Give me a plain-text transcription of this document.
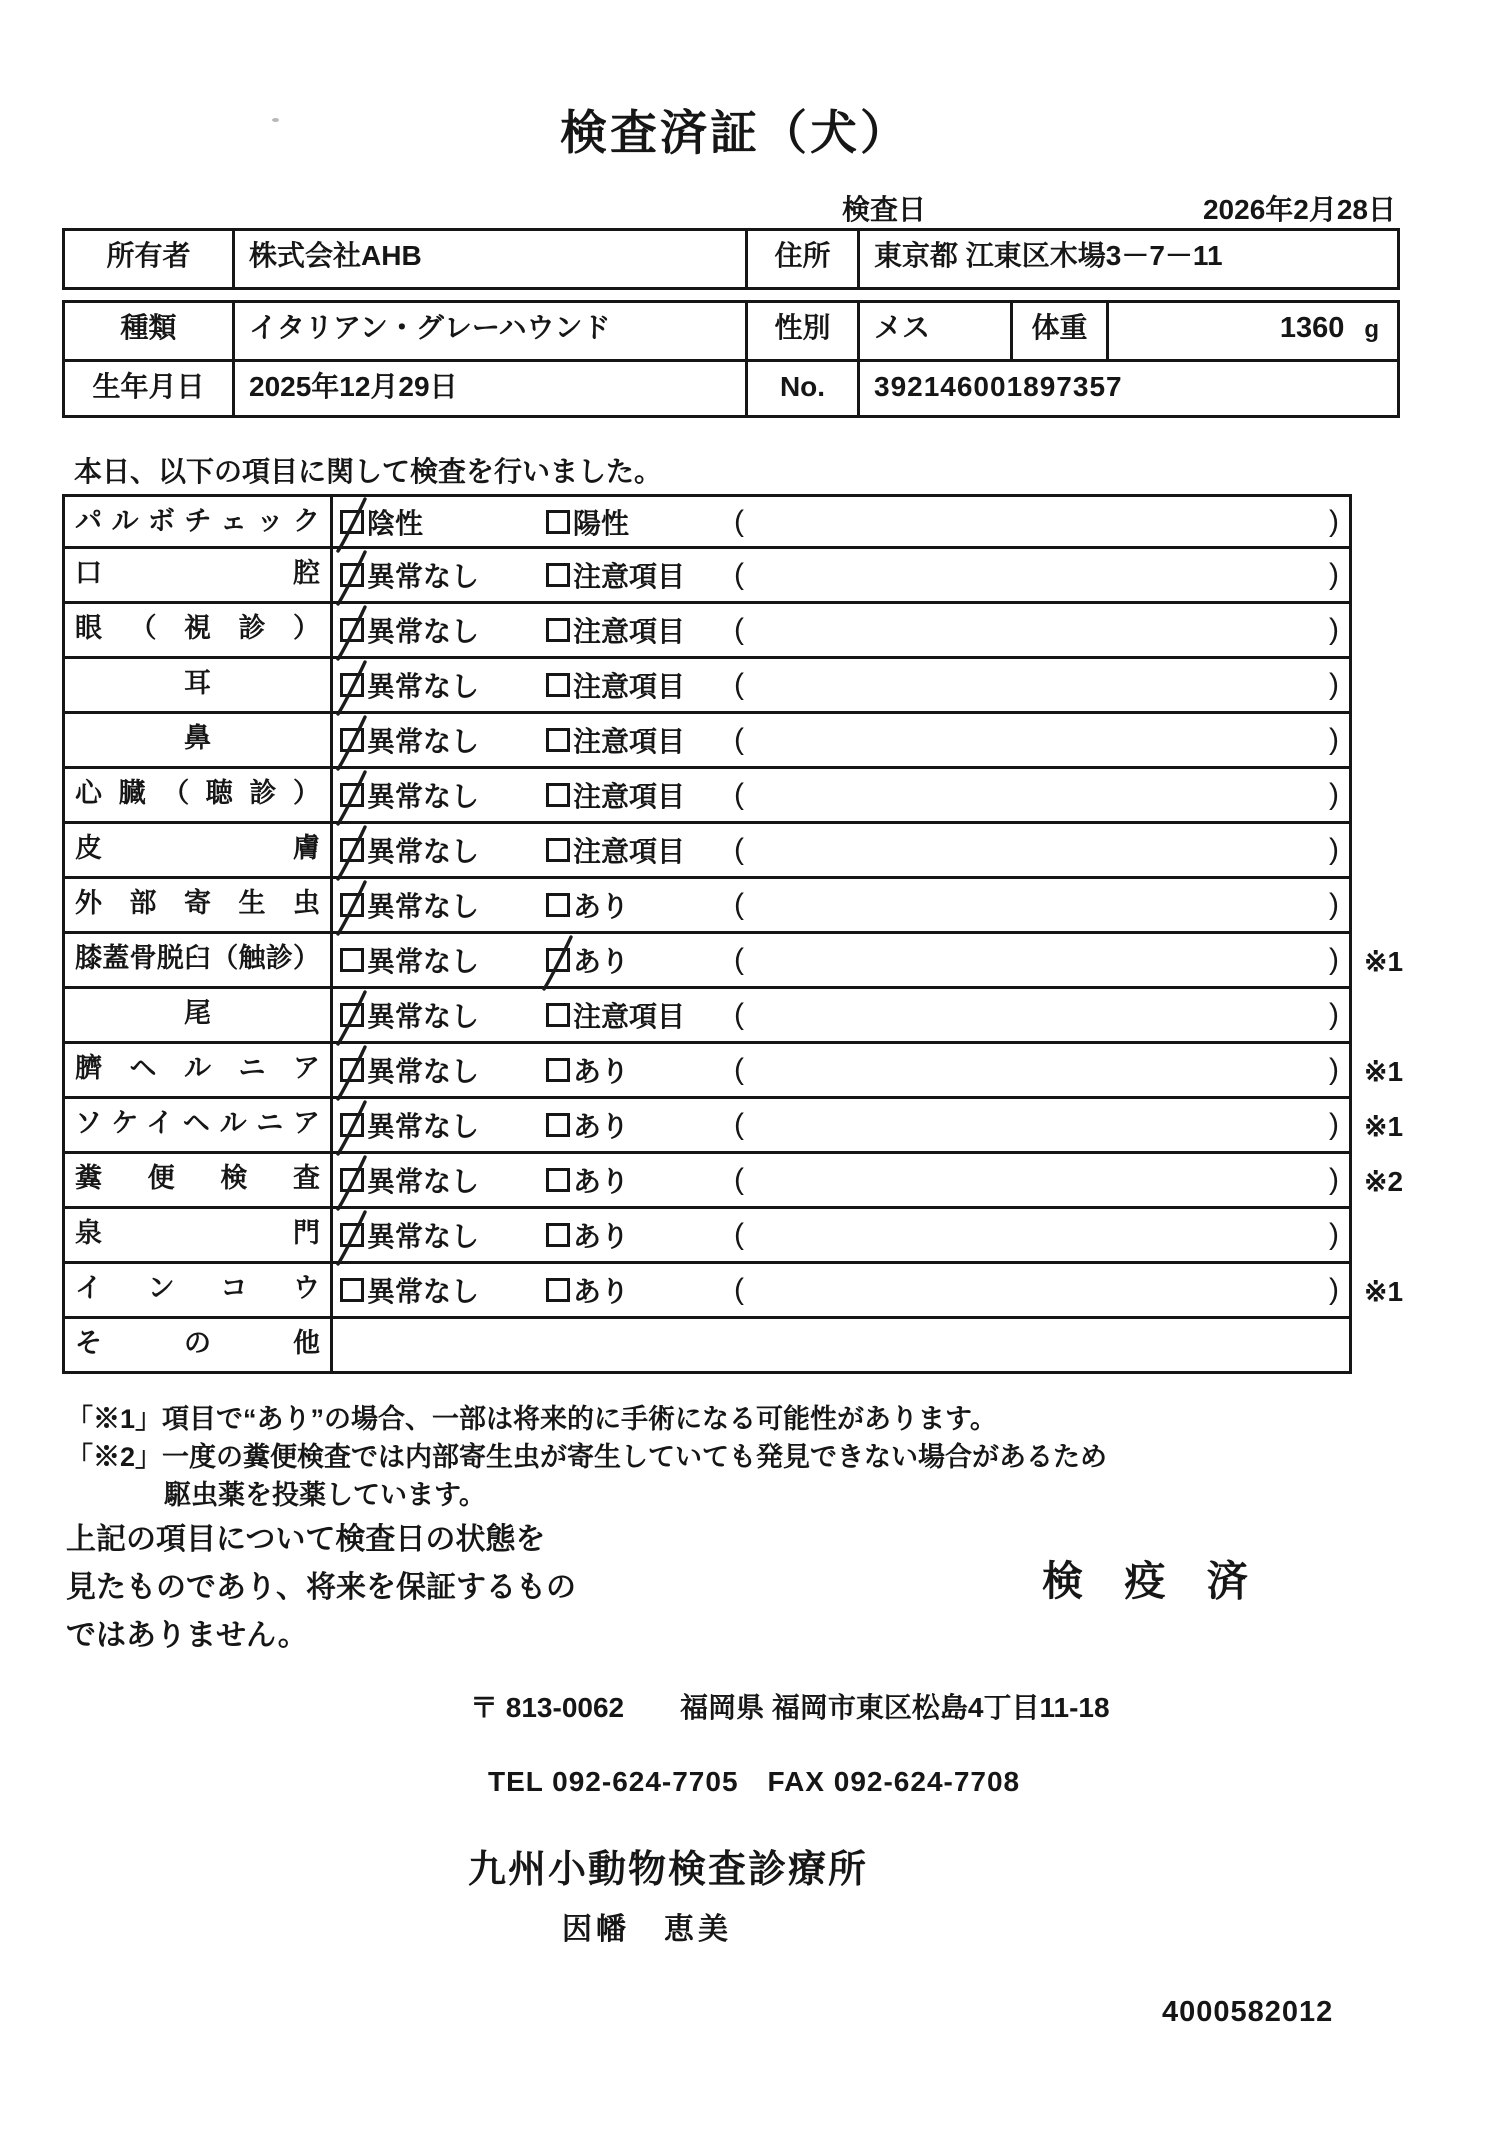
検査済証（犬）
検査日	2026年2月28日
所有者	株式会社AHB	住所	東京都 江東区木場3－7－11
種類	イタリアン・グレーハウンド	性別	メス	体重	1360 g
生年月日	2025年12月29日	No.	392146001897357
本日、以下の項目に関して検査を行いました。
パルボチェック	陰性	陽性	(	)
口腔	異常なし	注意項目 (	)
眼（視診）	異常なし	注意項目 (	)
耳	異常なし	注意項目 (	)
鼻	異常なし	注意項目 (	)
心臓（聴診）	異常なし	注意項目 (	)
皮膚	異常なし	注意項目 (	)
外部寄生虫	異常なし	あり	(	)
膝蓋骨脱臼（触診）	異常なし	あり	(	) ※1
尾	異常なし	注意項目 (	)
臍ヘルニア	異常なし	あり	(	) ※1
ソケイヘルニア	異常なし	あり	(	) ※1
糞便検査	異常なし	あり	(	) ※2
泉門	異常なし	あり	(	)
インコウ	異常なし	あり	(	) ※1
その他
「※1」項目で“あり”の場合、一部は将来的に手術になる可能性があります。
「※2」一度の糞便検査では内部寄生虫が寄生していても発見できない場合があるため
駆虫薬を投薬しています。
上記の項目について検査日の状態を
見たものであり、将来を保証するもの
ではありません。
検 疫 済
〒 813-0062 福岡県 福岡市東区松島4丁目11-18
TEL 092-624-7705　FAX 092-624-7708
九州小動物検査診療所
因幡　恵美
4000582012
